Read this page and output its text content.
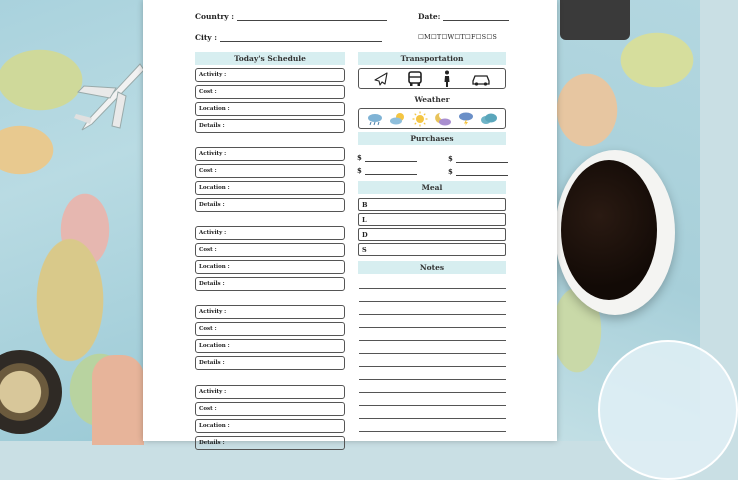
Country :	Date:
City :	☐M☐T☐W☐T☐F☐S☐S
Today's Schedule
Activity :
Cost :
Location :
Details :
Activity :
Cost :
Location :
Details :
Activity :
Cost :
Location :
Details :
Activity :
Cost :
Location :
Details :
Activity :
Cost :
Location :
Details :
Transportation
Weather
Purchases
$	$
$	$
Meal
B
L
D
S
Notes
